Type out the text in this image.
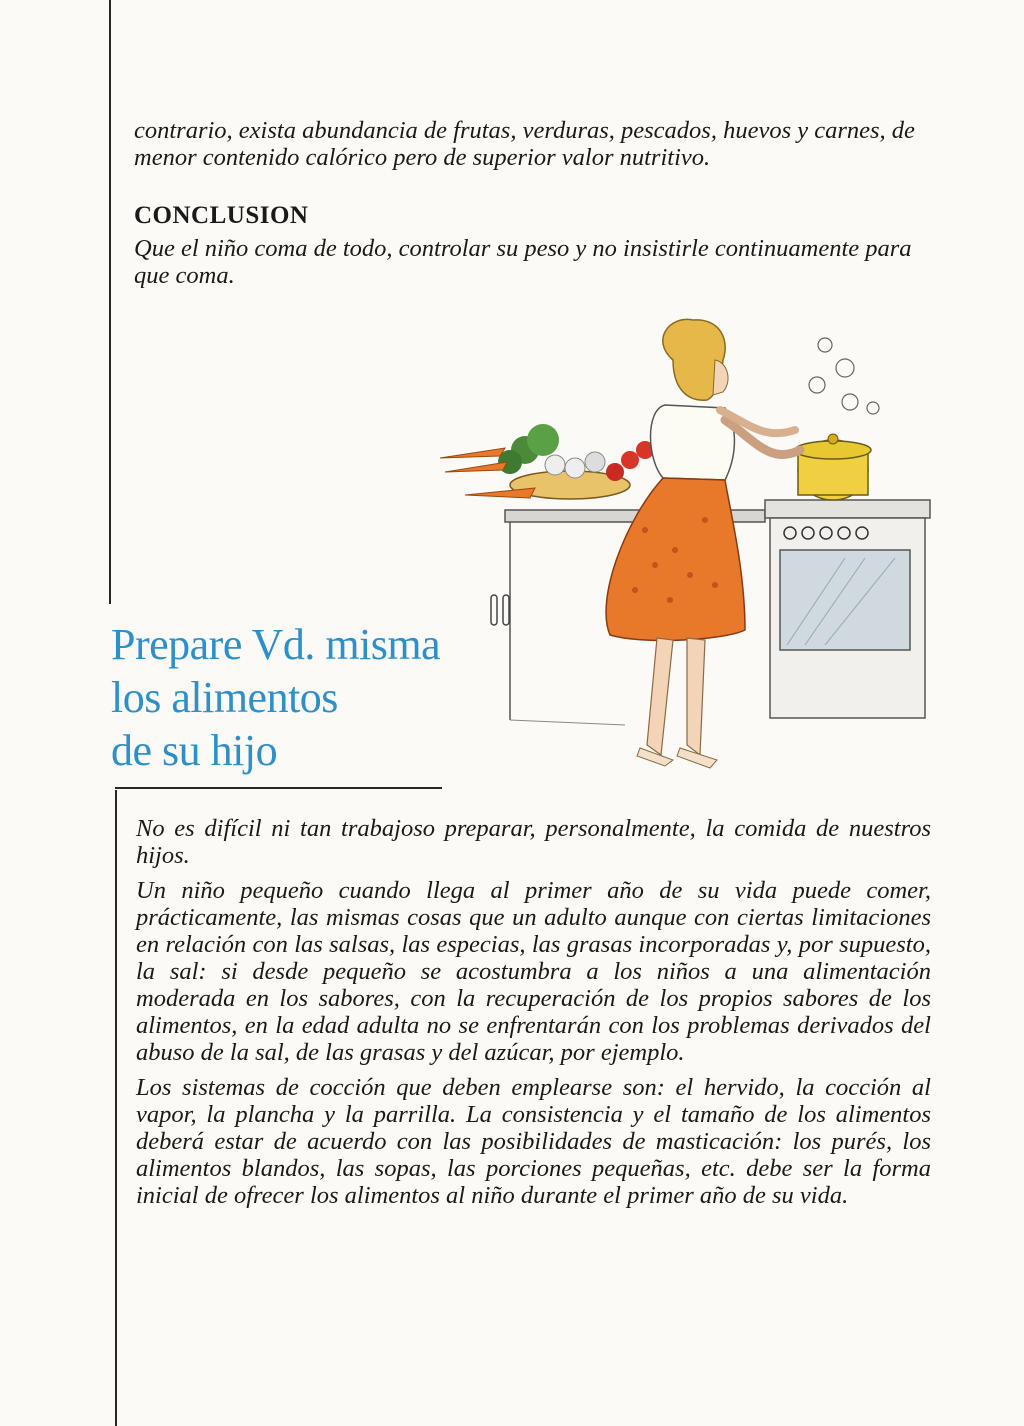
contrario, exista abundancia de frutas, verduras, pescados, huevos y carnes, de menor contenido calórico pero de superior valor nutritivo.

CONCLUSION

Que el niño coma de todo, controlar su peso y no insistirle continuamente para que coma.

Prepare Vd. misma
los alimentos
de su hijo

No es difícil ni tan trabajoso preparar, personalmente, la comida de nuestros hijos.

Un niño pequeño cuando llega al primer año de su vida puede comer, prácticamente, las mismas cosas que un adulto aunque con ciertas limitaciones en relación con las salsas, las especias, las grasas incorporadas y, por supuesto, la sal: si desde pequeño se acostumbra a los niños a una alimentación moderada en los sabores, con la recuperación de los propios sabores de los alimentos, en la edad adulta no se enfrentarán con los problemas derivados del abuso de la sal, de las grasas y del azúcar, por ejemplo.

Los sistemas de cocción que deben emplearse son: el hervido, la cocción al vapor, la plancha y la parrilla. La consistencia y el tamaño de los alimentos deberá estar de acuerdo con las posibilidades de masticación: los purés, los alimentos blandos, las sopas, las porciones pequeñas, etc. debe ser la forma inicial de ofrecer los alimentos al niño durante el primer año de su vida.
